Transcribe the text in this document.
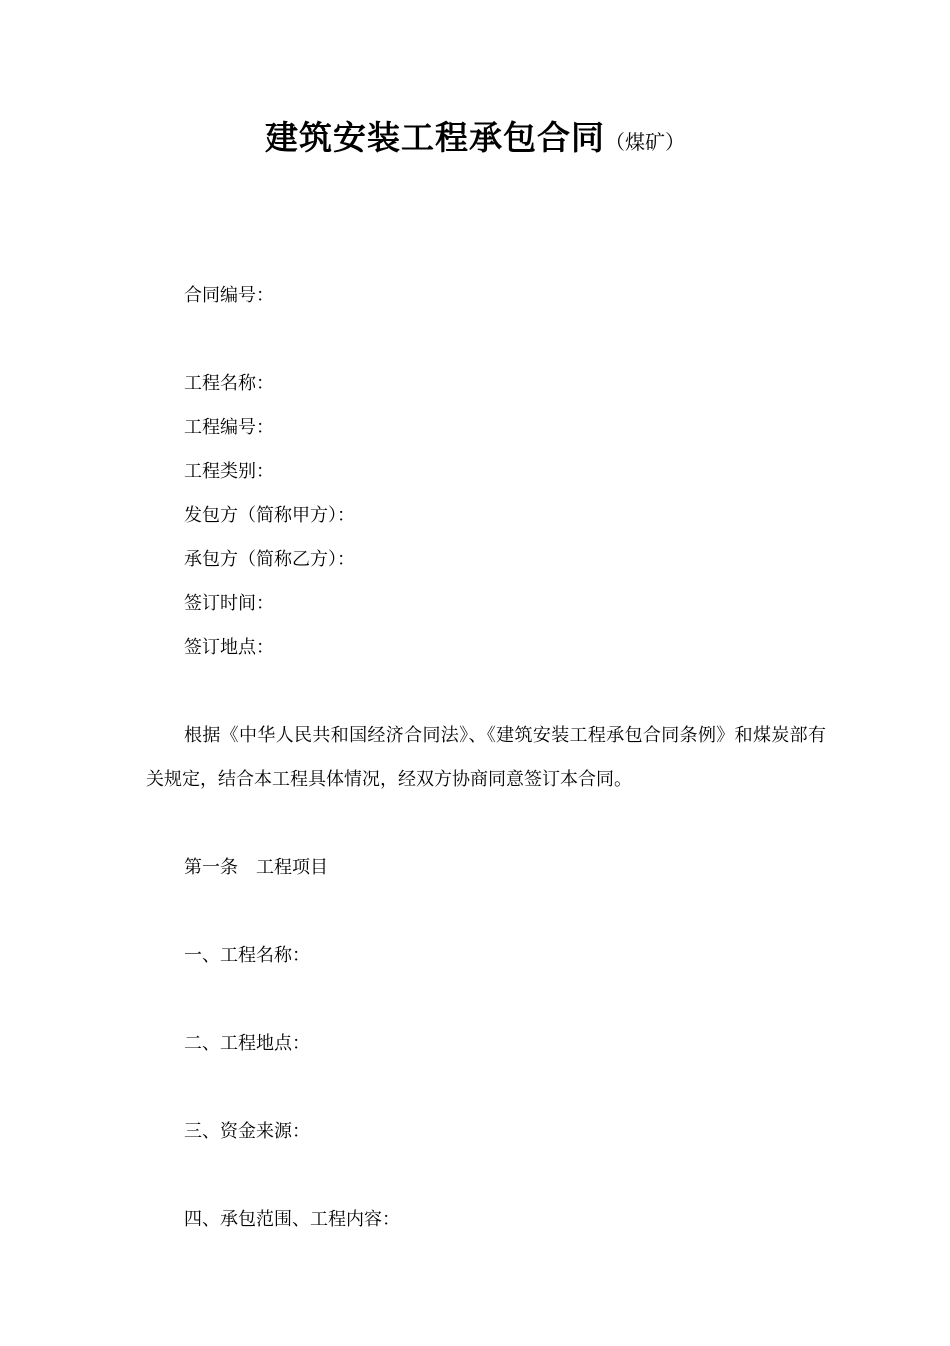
建筑安装工程承包合同（煤矿）
合同编号：
工程名称：
工程编号：
工程类别：
发包方（简称甲方）：
承包方（简称乙方）：
签订时间：
签订地点：
根据《中华人民共和国经济合同法》、《建筑安装工程承包合同条例》和煤炭部有关规定，结合本工程具体情况，经双方协商同意签订本合同。
第一条　工程项目
一、工程名称：
二、工程地点：
三、资金来源：
四、承包范围、工程内容：
